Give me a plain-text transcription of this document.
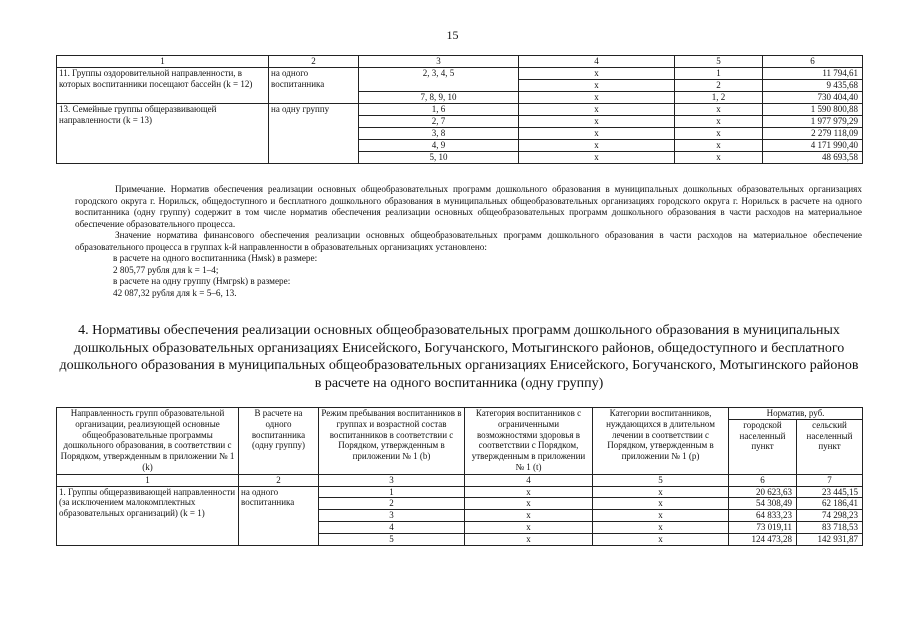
15
1	2	3	4	5	6
11. Группы оздоровительной направленности, в которых воспитанники посещают бассейн (k = 12)	на одного воспитанника	2, 3, 4, 5	x	1	11 794,61
			x	2	9 435,68
		7, 8, 9, 10	x	1, 2	730 404,40
13. Семейные группы общеразвивающей направленности (k = 13)	на одну группу	1, 6	x	x	1 590 800,88
		2, 7	x	x	1 977 979,29
		3, 8	x	x	2 279 118,09
		4, 9	x	x	4 171 990,40
		5, 10	x	x	48 693,58

Примечание. Норматив обеспечения реализации основных общеобразовательных программ дошкольного образования в муниципальных дошкольных образовательных организациях городского округа г. Норильск, общедоступного и бесплатного дошкольного образования в муниципальных общеобразовательных организациях городского округа г. Норильск в расчете на одного воспитанника (одну группу) содержит в том числе норматив обеспечения реализации основных общеобразовательных программ дошкольного образования в части расходов на материальное обеспечение образовательного процесса.

Значение норматива финансового обеспечения реализации основных общеобразовательных программ дошкольного образования в части расходов на материальное обеспечение образовательного процесса в группах k-й направленности в образовательных организациях установлено:

в расчете на одного воспитанника (Hмsk) в размере:

2 805,77 рубля для k = 1–4;

в расчете на одну группу (Hмгрsk) в размере:

42 087,32 рубля для k = 5–6, 13.

4. Нормативы обеспечения реализации основных общеобразовательных программ дошкольного образования в муниципальных дошкольных образовательных организациях Енисейского, Богучанского, Мотыгинского районов, общедоступного и бесплатного дошкольного образования в муниципальных общеобразовательных организациях Енисейского, Богучанского, Мотыгинского районов в расчете на одного воспитанника (одну группу)
Направленность групп образовательной организации, реализующей основные общеобразовательные программы дошкольного образования, в соответствии с Порядком, утвержденным в приложении № 1 (k)	В расчете на одного воспитанника (одну группу)	Режим пребывания воспитанников в группах и возрастной состав воспитанников в соответствии с Порядком, утвержденным в приложении № 1 (b)	Категория воспитанников с ограниченными возможностями здоровья в соответствии с Порядком, утвержденным в приложении № 1 (t)	Категории воспитанников, нуждающихся в длительном лечении в соответствии с Порядком, утвержденным в приложении № 1 (p)	Норматив, руб.	
					городской населенный пункт	сельский населенный пункт
1	2	3	4	5	6	7
1. Группы общеразвивающей направленности (за исключением малокомплектных образовательных организаций) (k = 1)	на одного воспитанника	1	x	x	20 623,63	23 445,15
		2	x	x	54 308,49	62 186,41
		3	x	x	64 833,23	74 298,23
		4	x	x	73 019,11	83 718,53
		5	x	x	124 473,28	142 931,87
